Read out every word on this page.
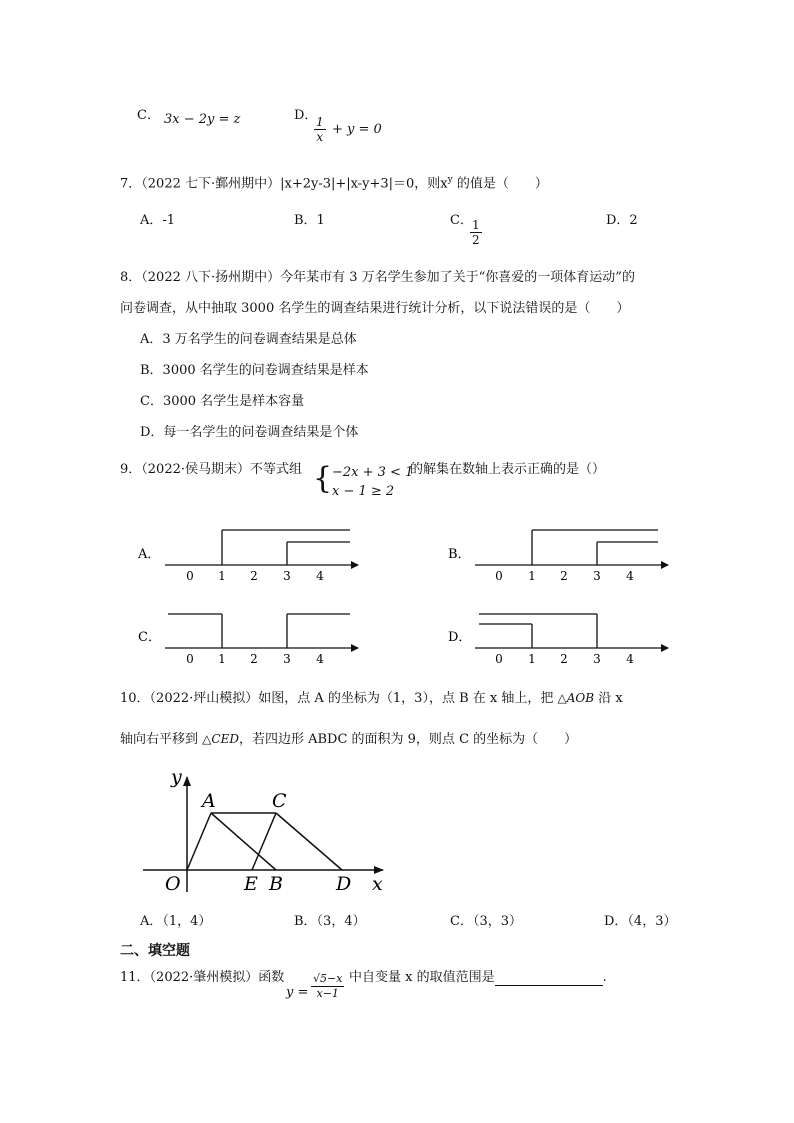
C． 3x − 2y = z	D．
$\frac{1}{x} + y = 0$
7．（2022 七下·鄞州期中）|x+2y-3|+|x-y+3|＝0，则$x^y$ 的值是（　　）
A．-1	B．1	C．
$\frac{1}{2}$	D．2
8．（2022 八下·扬州期中）今年某市有 3 万名学生参加了关于“你喜爱的一项体育运动”的
问卷调查，从中抽取 3000 名学生的调查结果进行统计分析，以下说法错误的是（　　）
A．3 万名学生的问卷调查结果是总体
B．3000 名学生的问卷调查结果是样本
C．3000 名学生是样本容量
D．每一名学生的问卷调查结果是个体
9．（2022·侯马期末）不等式组 { −2x + 3 < 1
x − 1 ≥ 2
的解集在数轴上表示正确的是（）
A．
0 1 2 3 4
B．
0 1 2 3 4
C．
0 1 2 3 4
D．
0 1 2 3 4
10．（2022·坪山模拟）如图，点 A 的坐标为（1，3），点 B 在 x 轴上，把 △AOB 沿 x
轴向右平移到 △CED，若四边形 ABDC 的面积为 9，则点 C 的坐标为（　　）
y
x
A	C
O	E B	D
A．（1，4）	B．（3，4）	C．（3，3）	D．（4，3）
二、填空题
11．（2022·肇州模拟）函数
$y = \frac{√5-x}{x-1}$ 中自变量 x 的取值范围是	.
